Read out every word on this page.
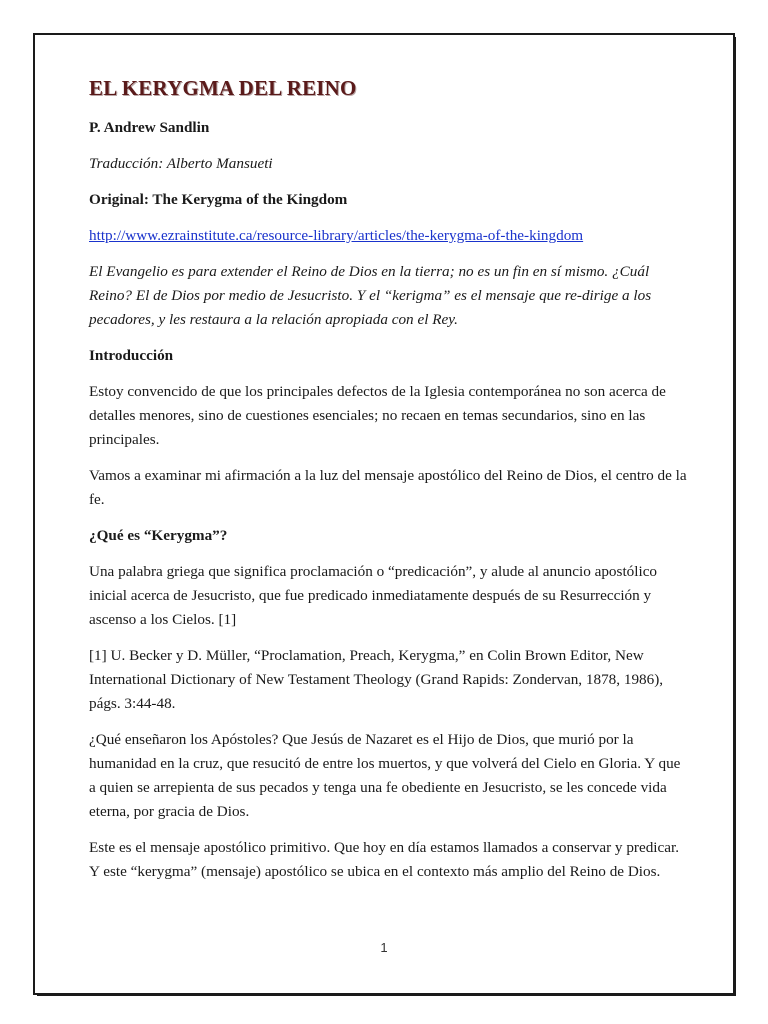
EL KERYGMA DEL REINO
P. Andrew Sandlin
Traducción: Alberto Mansueti
Original: The Kerygma of the Kingdom
http://www.ezrainstitute.ca/resource-library/articles/the-kerygma-of-the-kingdom
El Evangelio es para extender el Reino de Dios en la tierra; no es un fin en sí mismo. ¿Cuál Reino? El de Dios por medio de Jesucristo. Y el “kerigma” es el mensaje que re-dirige a los pecadores, y les restaura a la relación apropiada con el Rey.
Introducción
Estoy convencido de que los principales defectos de la Iglesia contemporánea no son acerca de detalles menores, sino de cuestiones esenciales; no recaen en temas secundarios, sino en las principales.
Vamos a examinar mi afirmación a la luz del mensaje apostólico del Reino de Dios, el centro de la fe.
¿Qué es “Kerygma”?
Una palabra griega que significa proclamación o “predicación”, y alude al anuncio apostólico inicial acerca de Jesucristo, que fue predicado inmediatamente después de su Resurrección y ascenso a los Cielos. [1]
[1] U. Becker y D. Müller, “Proclamation, Preach, Kerygma,” en Colin Brown Editor, New International Dictionary of New Testament Theology (Grand Rapids: Zondervan, 1878, 1986), págs. 3:44-48.
¿Qué enseñaron los Apóstoles? Que Jesús de Nazaret es el Hijo de Dios, que murió por la humanidad en la cruz, que resucitó de entre los muertos, y que volverá del Cielo en Gloria. Y que a quien se arrepienta de sus pecados y tenga una fe obediente en Jesucristo, se les concede vida eterna, por gracia de Dios.
Este es el mensaje apostólico primitivo. Que hoy en día estamos llamados a conservar y predicar. Y este “kerygma” (mensaje) apostólico se ubica en el contexto más amplio del Reino de Dios.
1
